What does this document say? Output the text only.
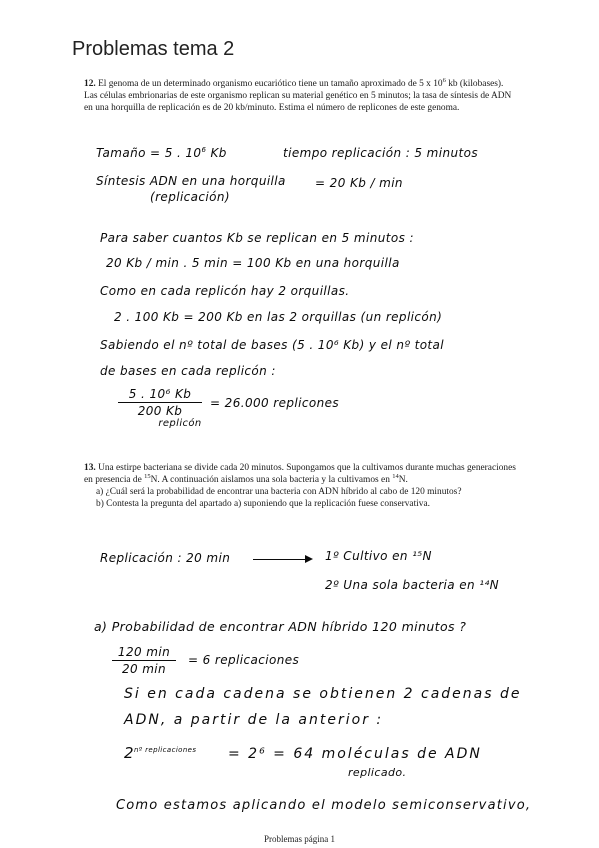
Problemas tema 2
12. El genoma de un determinado organismo eucariótico tiene un tamaño aproximado de 5 x $10^6$ kb (kilobases). Las células embrionarias de este organismo replican su material genético en 5 minutos; la tasa de síntesis de ADN en una horquilla de replicación es de 20 kb/minuto. Estima el número de replicones de este genoma.
Tamaño = 5 . $10^6$ Kb	tiempo replicación : 5 minutos
Síntesis ADN en una horquilla = 20 Kb / min
(replicación)
Para saber cuantos Kb se replican en 5 minutos :
20 Kb / min . 5 min = 100 Kb en una horquilla
Como en cada replicón hay 2 orquillas.
2 . 100 Kb = 200 Kb en las 2 orquillas (un replicón)
Sabiendo el nº total de bases (5 . 10⁶ Kb) y el nº total
de bases en cada replicón :
5 . 10⁶ Kb
200 Kb
replicón
= 26.000 replicones
13. Una estirpe bacteriana se divide cada 20 minutos. Supongamos que la cultivamos durante muchas generaciones en presencia de $^{15}$N. A continuación aislamos una sola bacteria y la cultivamos en $^{14}$N.
a) ¿Cuál será la probabilidad de encontrar una bacteria con ADN híbrido al cabo de 120 minutos?
b) Contesta la pregunta del apartado a) suponiendo que la replicación fuese conservativa.
Replicación : 20 min	1º Cultivo en ¹⁵N
2º Una sola bacteria en ¹⁴N
a) Probabilidad de encontrar ADN híbrido 120 minutos ?
120 min
20 min
= 6 replicaciones
Si en cada cadena se obtienen 2 cadenas de
ADN, a partir de la anterior :
$2^{nº replicaciones} = 2^6 = 64$ moléculas de ADN
replicado.
Como estamos aplicando el modelo semiconservativo,
Problemas página 1
